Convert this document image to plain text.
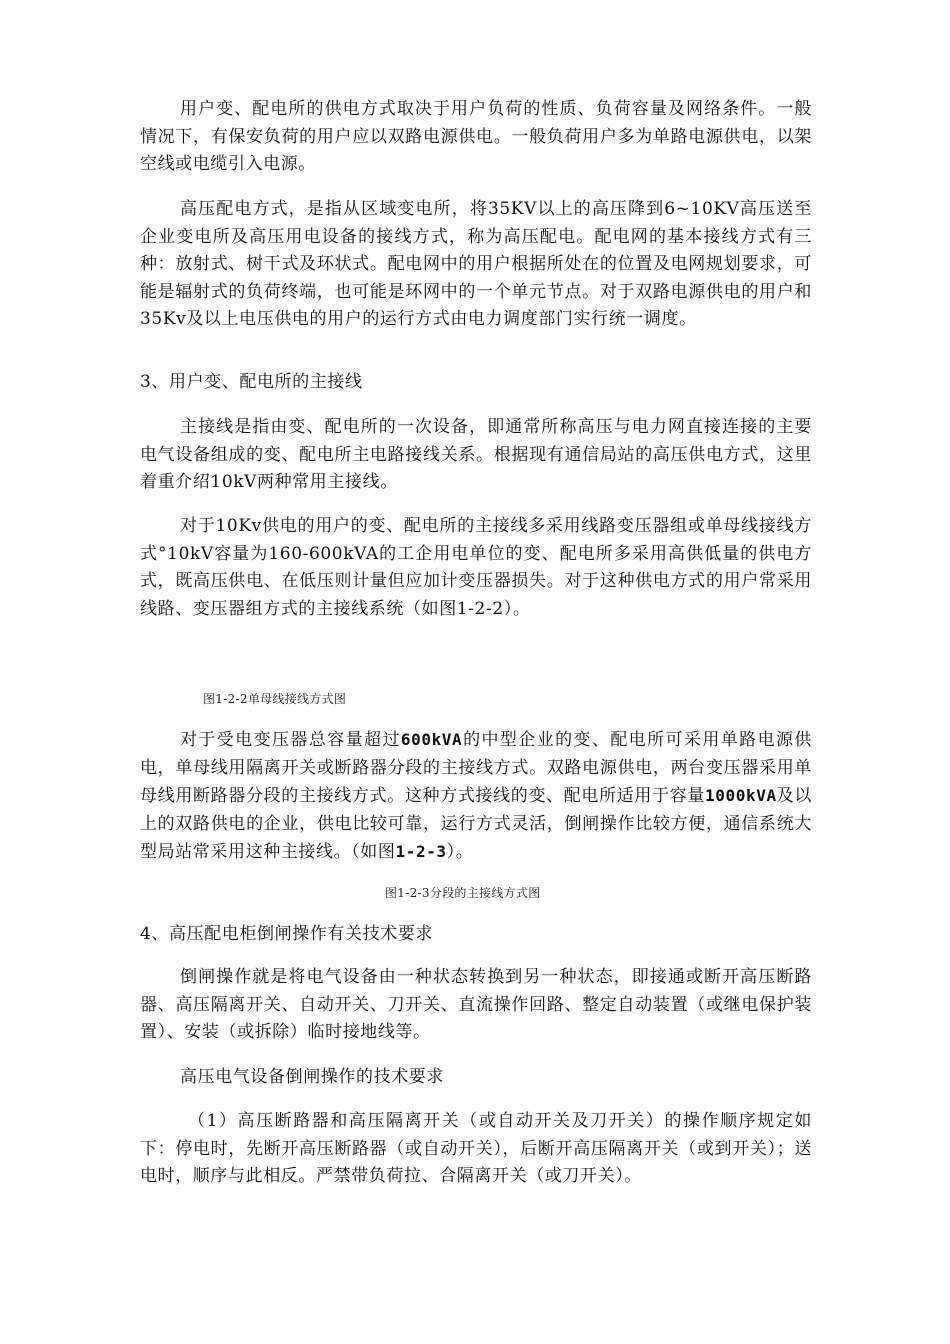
用户变、配电所的供电方式取决于用户负荷的性质、负荷容量及网络条件。一般情况下，有保安负荷的用户应以双路电源供电。一般负荷用户多为单路电源供电，以架空线或电缆引入电源。

高压配电方式，是指从区域变电所，将35KV以上的高压降到6~10KV高压送至企业变电所及高压用电设备的接线方式，称为高压配电。配电网的基本接线方式有三种：放射式、树干式及环状式。配电网中的用户根据所处在的位置及电网规划要求，可能是辐射式的负荷终端，也可能是环网中的一个单元节点。对于双路电源供电的用户和35Kv及以上电压供电的用户的运行方式由电力调度部门实行统一调度。

3、用户变、配电所的主接线

主接线是指由变、配电所的一次设备，即通常所称高压与电力网直接连接的主要电气设备组成的变、配电所主电路接线关系。根据现有通信局站的高压供电方式，这里着重介绍10kV两种常用主接线。

对于10Kv供电的用户的变、配电所的主接线多采用线路变压器组或单母线接线方式°10kV容量为160-600kVA的工企用电单位的变、配电所多采用高供低量的供电方式，既高压供电、在低压则计量但应加计变压器损失。对于这种供电方式的用户常采用线路、变压器组方式的主接线系统（如图1-2-2）。

图1-2-2单母线接线方式图

对于受电变压器总容量超过600kVA的中型企业的变、配电所可采用单路电源供电，单母线用隔离开关或断路器分段的主接线方式。双路电源供电，两台变压器采用单母线用断路器分段的主接线方式。这种方式接线的变、配电所适用于容量1000kVA及以上的双路供电的企业，供电比较可靠，运行方式灵活，倒闸操作比较方便，通信系统大型局站常采用这种主接线。（如图1-2-3）。

图1-2-3分段的主接线方式图

4、高压配电柜倒闸操作有关技术要求

倒闸操作就是将电气设备由一种状态转换到另一种状态，即接通或断开高压断路器、高压隔离开关、自动开关、刀开关、直流操作回路、整定自动装置（或继电保护装置）、安装（或拆除）临时接地线等。

高压电气设备倒闸操作的技术要求

（1）高压断路器和高压隔离开关（或自动开关及刀开关）的操作顺序规定如下：停电时，先断开高压断路器（或自动开关），后断开高压隔离开关（或到开关）；送电时，顺序与此相反。严禁带负荷拉、合隔离开关（或刀开关）。
